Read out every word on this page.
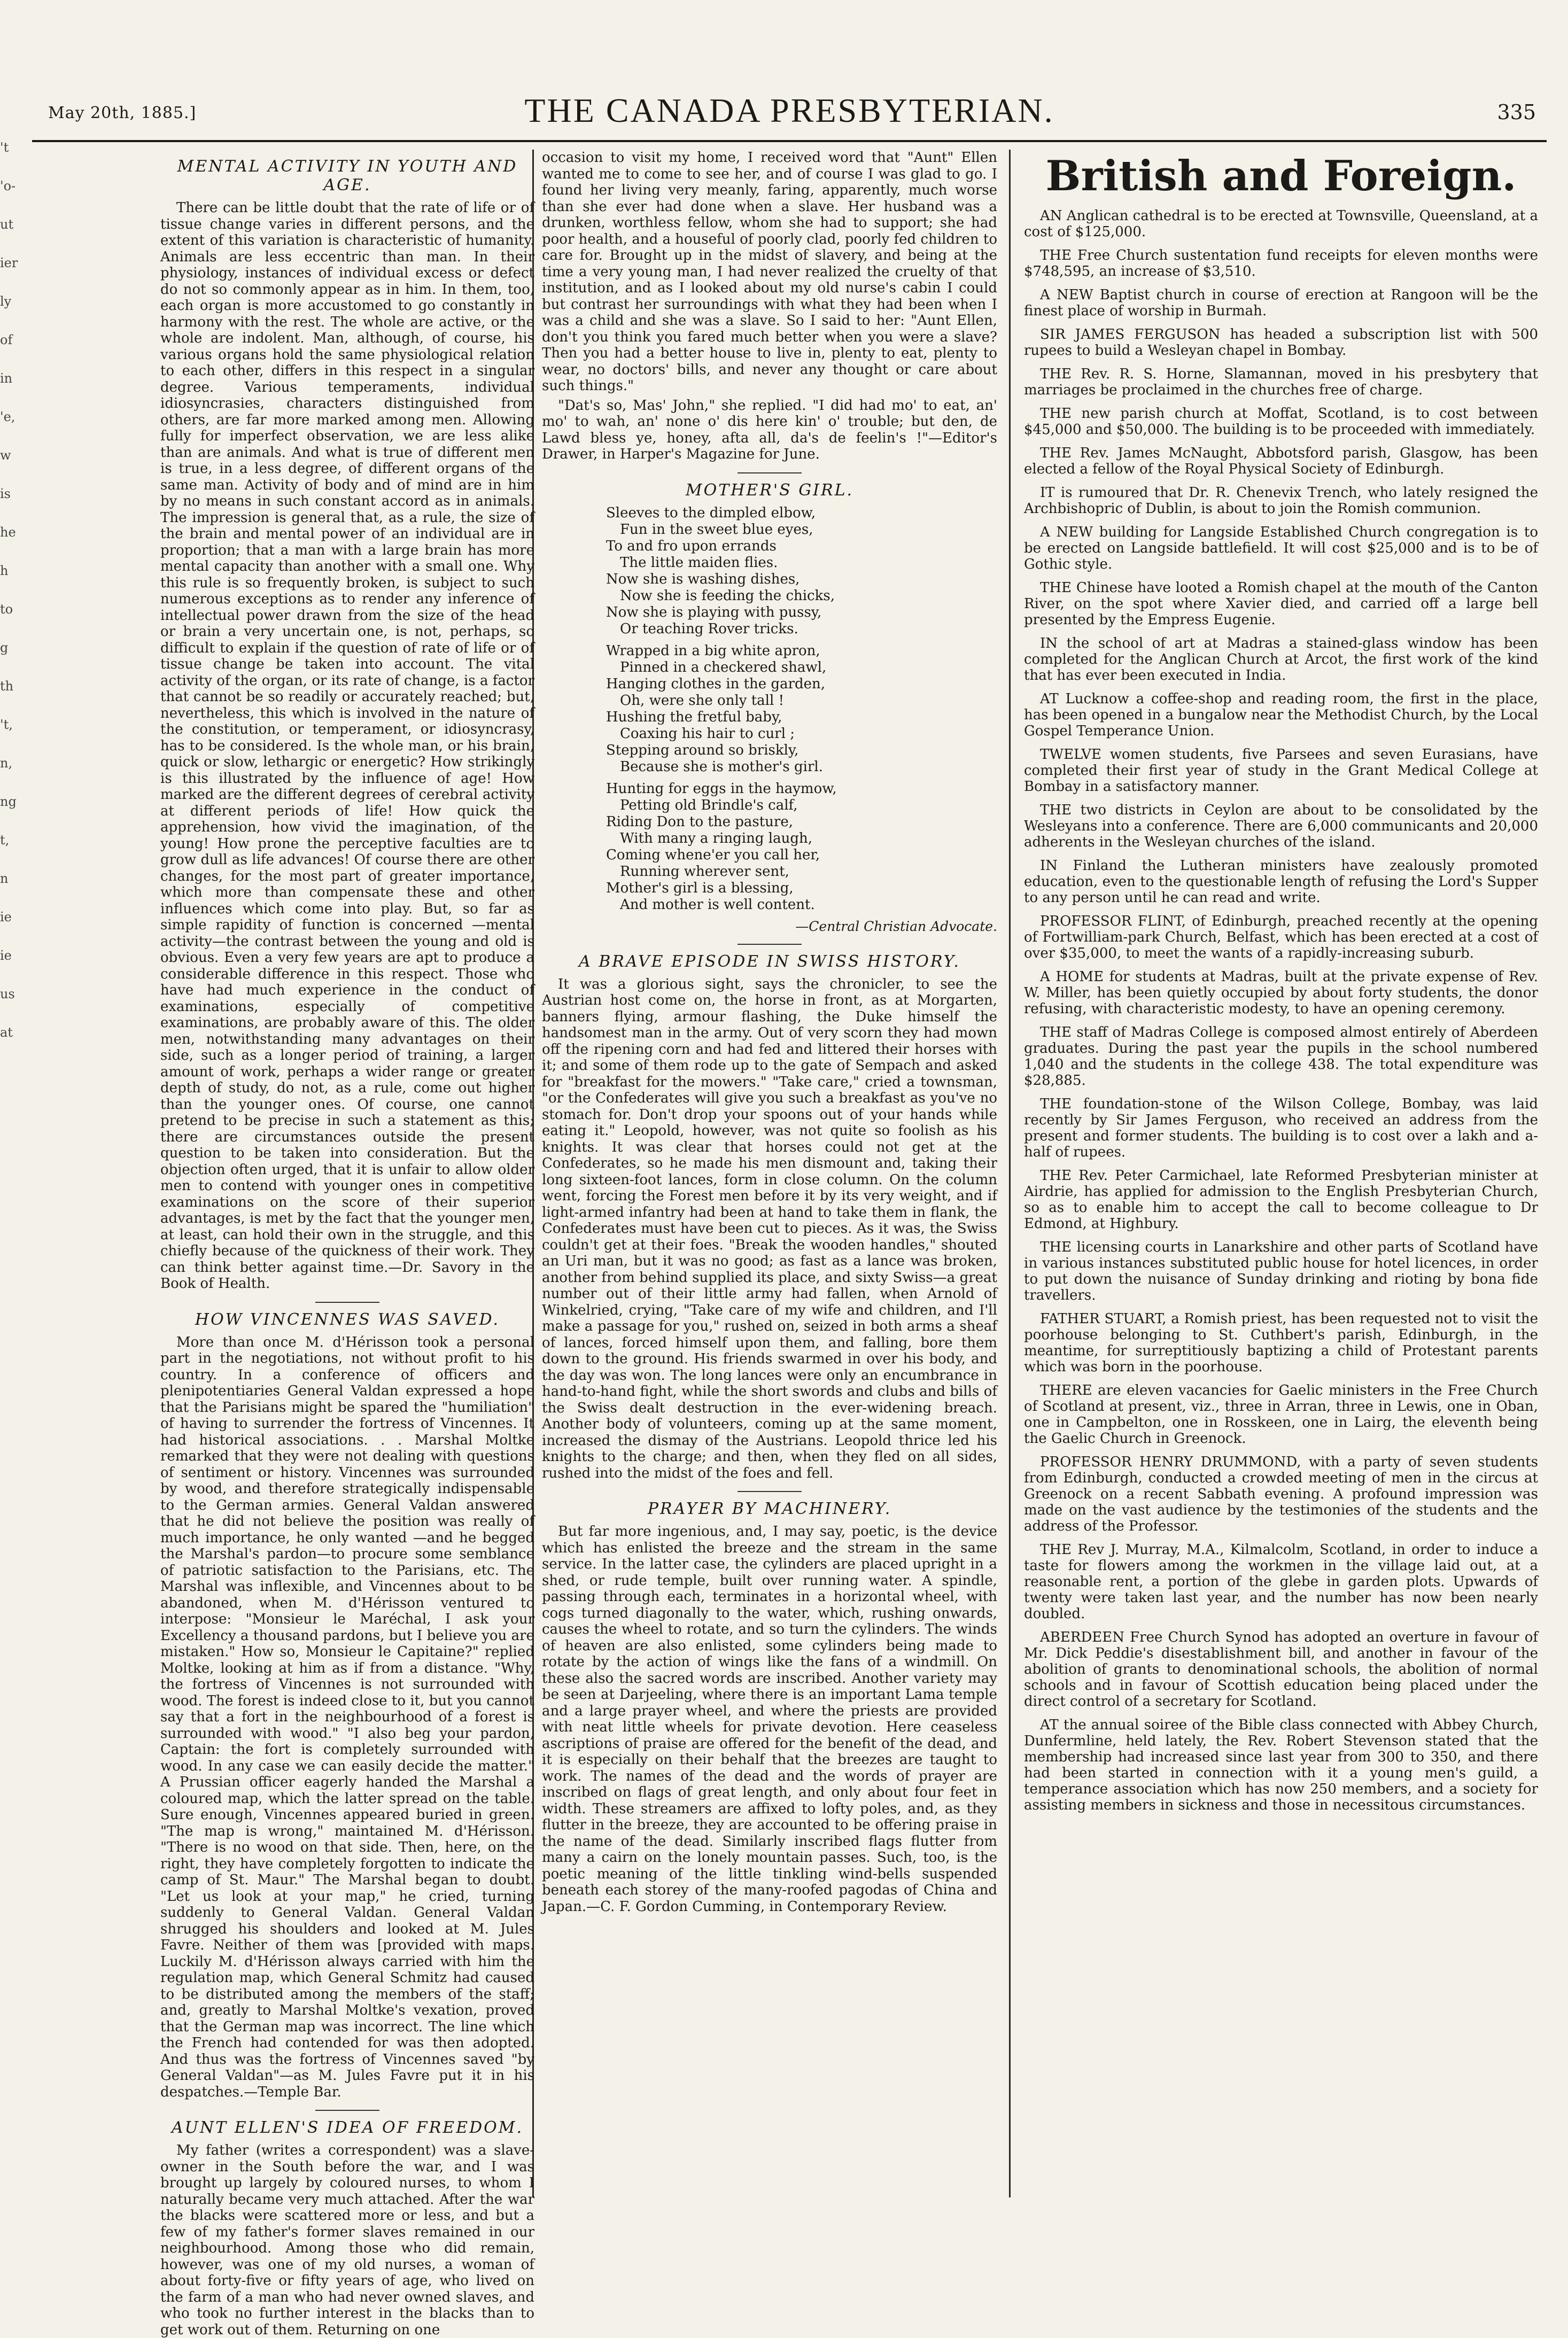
't
'o-
ut
ier
ly
of
in
'e,
w
is
he
h
to
g
th
't,
n,
ng
t,
n
ie
ie
us
at
May 20th, 1885.]	THE CANADA PRESBYTERIAN.	335
MENTAL ACTIVITY IN YOUTH AND AGE.

There can be little doubt that the rate of life or of tissue change varies in different persons, and the extent of this variation is characteristic of humanity. Animals are less eccentric than man. In their physiology, instances of individual excess or defect do not so commonly appear as in him. In them, too, each organ is more accustomed to go constantly in harmony with the rest. The whole are active, or the whole are indolent. Man, although, of course, his various organs hold the same physiological relation to each other, differs in this respect in a singular degree. Various temperaments, individual idiosyncrasies, characters distinguished from others, are far more marked among men. Allowing fully for imperfect observation, we are less alike than are animals. And what is true of different men is true, in a less degree, of different organs of the same man. Activity of body and of mind are in him by no means in such constant accord as in animals. The impression is general that, as a rule, the size of the brain and mental power of an individual are in proportion; that a man with a large brain has more mental capacity than another with a small one. Why this rule is so frequently broken, is subject to such numerous exceptions as to render any inference of intellectual power drawn from the size of the head or brain a very uncertain one, is not, perhaps, so difficult to explain if the question of rate of life or of tissue change be taken into account. The vital activity of the organ, or its rate of change, is a factor that cannot be so readily or accurately reached; but, nevertheless, this which is involved in the nature of the constitution, or temperament, or idiosyncrasy, has to be considered. Is the whole man, or his brain, quick or slow, lethargic or energetic? How strikingly is this illustrated by the influence of age! How marked are the different degrees of cerebral activity at different periods of life! How quick the apprehension, how vivid the imagination, of the young! How prone the perceptive faculties are to grow dull as life advances! Of course there are other changes, for the most part of greater importance, which more than compensate these and other influences which come into play. But, so far as simple rapidity of function is concerned —mental activity—the contrast between the young and old is obvious. Even a very few years are apt to produce a considerable difference in this respect. Those who have had much experience in the conduct of examinations, especially of competitive examinations, are probably aware of this. The older men, notwithstanding many advantages on their side, such as a longer period of training, a larger amount of work, perhaps a wider range or greater depth of study, do not, as a rule, come out higher than the younger ones. Of course, one cannot pretend to be precise in such a statement as this; there are circumstances outside the present question to be taken into consideration. But the objection often urged, that it is unfair to allow older men to contend with younger ones in competitive examinations on the score of their superior advantages, is met by the fact that the younger men, at least, can hold their own in the struggle, and this chiefly because of the quickness of their work. They can think better against time.—Dr. Savory in the Book of Health.

HOW VINCENNES WAS SAVED.

More than once M. d'Hérisson took a personal part in the negotiations, not without profit to his country. In a conference of officers and plenipotentiaries General Valdan expressed a hope that the Parisians might be spared the "humiliation" of having to surrender the fortress of Vincennes. It had historical associations. . . Marshal Moltke remarked that they were not dealing with questions of sentiment or history. Vincennes was surrounded by wood, and therefore strategically indispensable to the German armies. General Valdan answered that he did not believe the position was really of much importance, he only wanted —and he begged the Marshal's pardon—to procure some semblance of patriotic satisfaction to the Parisians, etc. The Marshal was inflexible, and Vincennes about to be abandoned, when M. d'Hérisson ventured to interpose: "Monsieur le Maréchal, I ask your Excellency a thousand pardons, but I believe you are mistaken." How so, Monsieur le Capitaine?" replied Moltke, looking at him as if from a distance. "Why, the fortress of Vincennes is not surrounded with wood. The forest is indeed close to it, but you cannot say that a fort in the neighbourhood of a forest is surrounded with wood." "I also beg your pardon, Captain: the fort is completely surrounded with wood. In any case we can easily decide the matter." A Prussian officer eagerly handed the Marshal a coloured map, which the latter spread on the table. Sure enough, Vincennes appeared buried in green. "The map is wrong," maintained M. d'Hérisson. "There is no wood on that side. Then, here, on the right, they have completely forgotten to indicate the camp of St. Maur." The Marshal began to doubt. "Let us look at your map," he cried, turning suddenly to General Valdan. General Valdan shrugged his shoulders and looked at M. Jules Favre. Neither of them was [provided with maps. Luckily M. d'Hérisson always carried with him the regulation map, which General Schmitz had caused to be distributed among the members of the staff; and, greatly to Marshal Moltke's vexation, proved that the German map was incorrect. The line which the French had contended for was then adopted. And thus was the fortress of Vincennes saved "by General Valdan"—as M. Jules Favre put it in his despatches.—Temple Bar.

AUNT ELLEN'S IDEA OF FREEDOM.

My father (writes a correspondent) was a slave-owner in the South before the war, and I was brought up largely by coloured nurses, to whom I naturally became very much attached. After the war the blacks were scattered more or less, and but a few of my father's former slaves remained in our neighbourhood. Among those who did remain, however, was one of my old nurses, a woman of about forty-five or fifty years of age, who lived on the farm of a man who had never owned slaves, and who took no further interest in the blacks than to get work out of them. Returning on one

occasion to visit my home, I received word that "Aunt" Ellen wanted me to come to see her, and of course I was glad to go. I found her living very meanly, faring, apparently, much worse than she ever had done when a slave. Her husband was a drunken, worthless fellow, whom she had to support; she had poor health, and a houseful of poorly clad, poorly fed children to care for. Brought up in the midst of slavery, and being at the time a very young man, I had never realized the cruelty of that institution, and as I looked about my old nurse's cabin I could but contrast her surroundings with what they had been when I was a child and she was a slave. So I said to her: "Aunt Ellen, don't you think you fared much better when you were a slave? Then you had a better house to live in, plenty to eat, plenty to wear, no doctors' bills, and never any thought or care about such things."

"Dat's so, Mas' John," she replied. "I did had mo' to eat, an' mo' to wah, an' none o' dis here kin' o' trouble; but den, de Lawd bless ye, honey, afta all, da's de feelin's !"—Editor's Drawer, in Harper's Magazine for June.

MOTHER'S GIRL.
Sleeves to the dimpled elbow,
Fun in the sweet blue eyes,
To and fro upon errands
The little maiden flies.
Now she is washing dishes,
Now she is feeding the chicks,
Now she is playing with pussy,
Or teaching Rover tricks.
Wrapped in a big white apron,
Pinned in a checkered shawl,
Hanging clothes in the garden,
Oh, were she only tall !
Hushing the fretful baby,
Coaxing his hair to curl ;
Stepping around so briskly,
Because she is mother's girl.
Hunting for eggs in the haymow,
Petting old Brindle's calf,
Riding Don to the pasture,
With many a ringing laugh,
Coming whene'er you call her,
Running wherever sent,
Mother's girl is a blessing,
And mother is well content.
—Central Christian Advocate.
A BRAVE EPISODE IN SWISS HISTORY.

It was a glorious sight, says the chronicler, to see the Austrian host come on, the horse in front, as at Morgarten, banners flying, armour flashing, the Duke himself the handsomest man in the army. Out of very scorn they had mown off the ripening corn and had fed and littered their horses with it; and some of them rode up to the gate of Sempach and asked for "breakfast for the mowers." "Take care," cried a townsman, "or the Confederates will give you such a breakfast as you've no stomach for. Don't drop your spoons out of your hands while eating it." Leopold, however, was not quite so foolish as his knights. It was clear that horses could not get at the Confederates, so he made his men dismount and, taking their long sixteen-foot lances, form in close column. On the column went, forcing the Forest men before it by its very weight, and if light-armed infantry had been at hand to take them in flank, the Confederates must have been cut to pieces. As it was, the Swiss couldn't get at their foes. "Break the wooden handles," shouted an Uri man, but it was no good; as fast as a lance was broken, another from behind supplied its place, and sixty Swiss—a great number out of their little army had fallen, when Arnold of Winkelried, crying, "Take care of my wife and children, and I'll make a passage for you," rushed on, seized in both arms a sheaf of lances, forced himself upon them, and falling, bore them down to the ground. His friends swarmed in over his body, and the day was won. The long lances were only an encumbrance in hand-to-hand fight, while the short swords and clubs and bills of the Swiss dealt destruction in the ever-widening breach. Another body of volunteers, coming up at the same moment, increased the dismay of the Austrians. Leopold thrice led his knights to the charge; and then, when they fled on all sides, rushed into the midst of the foes and fell.

PRAYER BY MACHINERY.

But far more ingenious, and, I may say, poetic, is the device which has enlisted the breeze and the stream in the same service. In the latter case, the cylinders are placed upright in a shed, or rude temple, built over running water. A spindle, passing through each, terminates in a horizontal wheel, with cogs turned diagonally to the water, which, rushing onwards, causes the wheel to rotate, and so turn the cylinders. The winds of heaven are also enlisted, some cylinders being made to rotate by the action of wings like the fans of a windmill. On these also the sacred words are inscribed. Another variety may be seen at Darjeeling, where there is an important Lama temple and a large prayer wheel, and where the priests are provided with neat little wheels for private devotion. Here ceaseless ascriptions of praise are offered for the benefit of the dead, and it is especially on their behalf that the breezes are taught to work. The names of the dead and the words of prayer are inscribed on flags of great length, and only about four feet in width. These streamers are affixed to lofty poles, and, as they flutter in the breeze, they are accounted to be offering praise in the name of the dead. Similarly inscribed flags flutter from many a cairn on the lonely mountain passes. Such, too, is the poetic meaning of the little tinkling wind-bells suspended beneath each storey of the many-roofed pagodas of China and Japan.—C. F. Gordon Cumming, in Contemporary Review.

British and Foreign.
AN Anglican cathedral is to be erected at Townsville, Queensland, at a cost of $125,000.
THE Free Church sustentation fund receipts for eleven months were $748,595, an increase of $3,510.
A NEW Baptist church in course of erection at Rangoon will be the finest place of worship in Burmah.
SIR JAMES FERGUSON has headed a subscription list with 500 rupees to build a Wesleyan chapel in Bombay.
THE Rev. R. S. Horne, Slamannan, moved in his presbytery that marriages be proclaimed in the churches free of charge.
THE new parish church at Moffat, Scotland, is to cost between $45,000 and $50,000. The building is to be proceeded with immediately.
THE Rev. James McNaught, Abbotsford parish, Glasgow, has been elected a fellow of the Royal Physical Society of Edinburgh.
IT is rumoured that Dr. R. Chenevix Trench, who lately resigned the Archbishopric of Dublin, is about to join the Romish communion.
A NEW building for Langside Established Church congregation is to be erected on Langside battlefield. It will cost $25,000 and is to be of Gothic style.
THE Chinese have looted a Romish chapel at the mouth of the Canton River, on the spot where Xavier died, and carried off a large bell presented by the Empress Eugenie.
IN the school of art at Madras a stained-glass window has been completed for the Anglican Church at Arcot, the first work of the kind that has ever been executed in India.
AT Lucknow a coffee-shop and reading room, the first in the place, has been opened in a bungalow near the Methodist Church, by the Local Gospel Temperance Union.
TWELVE women students, five Parsees and seven Eurasians, have completed their first year of study in the Grant Medical College at Bombay in a satisfactory manner.
THE two districts in Ceylon are about to be consolidated by the Wesleyans into a conference. There are 6,000 communicants and 20,000 adherents in the Wesleyan churches of the island.
IN Finland the Lutheran ministers have zealously promoted education, even to the questionable length of refusing the Lord's Supper to any person until he can read and write.
PROFESSOR FLINT, of Edinburgh, preached recently at the opening of Fortwilliam-park Church, Belfast, which has been erected at a cost of over $35,000, to meet the wants of a rapidly-increasing suburb.
A HOME for students at Madras, built at the private expense of Rev. W. Miller, has been quietly occupied by about forty students, the donor refusing, with characteristic modesty, to have an opening ceremony.
THE staff of Madras College is composed almost entirely of Aberdeen graduates. During the past year the pupils in the school numbered 1,040 and the students in the college 438. The total expenditure was $28,885.
THE foundation-stone of the Wilson College, Bombay, was laid recently by Sir James Ferguson, who received an address from the present and former students. The building is to cost over a lakh and a-half of rupees.
THE Rev. Peter Carmichael, late Reformed Presbyterian minister at Airdrie, has applied for admission to the English Presbyterian Church, so as to enable him to accept the call to become colleague to Dr Edmond, at Highbury.
THE licensing courts in Lanarkshire and other parts of Scotland have in various instances substituted public house for hotel licences, in order to put down the nuisance of Sunday drinking and rioting by bona fide travellers.
FATHER STUART, a Romish priest, has been requested not to visit the poorhouse belonging to St. Cuthbert's parish, Edinburgh, in the meantime, for surreptitiously baptizing a child of Protestant parents which was born in the poorhouse.
THERE are eleven vacancies for Gaelic ministers in the Free Church of Scotland at present, viz., three in Arran, three in Lewis, one in Oban, one in Campbelton, one in Rosskeen, one in Lairg, the eleventh being the Gaelic Church in Greenock.
PROFESSOR HENRY DRUMMOND, with a party of seven students from Edinburgh, conducted a crowded meeting of men in the circus at Greenock on a recent Sabbath evening. A profound impression was made on the vast audience by the testimonies of the students and the address of the Professor.
THE Rev J. Murray, M.A., Kilmalcolm, Scotland, in order to induce a taste for flowers among the workmen in the village laid out, at a reasonable rent, a portion of the glebe in garden plots. Upwards of twenty were taken last year, and the number has now been nearly doubled.
ABERDEEN Free Church Synod has adopted an overture in favour of Mr. Dick Peddie's disestablishment bill, and another in favour of the abolition of grants to denominational schools, the abolition of normal schools and in favour of Scottish education being placed under the direct control of a secretary for Scotland.
AT the annual soiree of the Bible class connected with Abbey Church, Dunfermline, held lately, the Rev. Robert Stevenson stated that the membership had increased since last year from 300 to 350, and there had been started in connection with it a young men's guild, a temperance association which has now 250 members, and a society for assisting members in sickness and those in necessitous circumstances.
